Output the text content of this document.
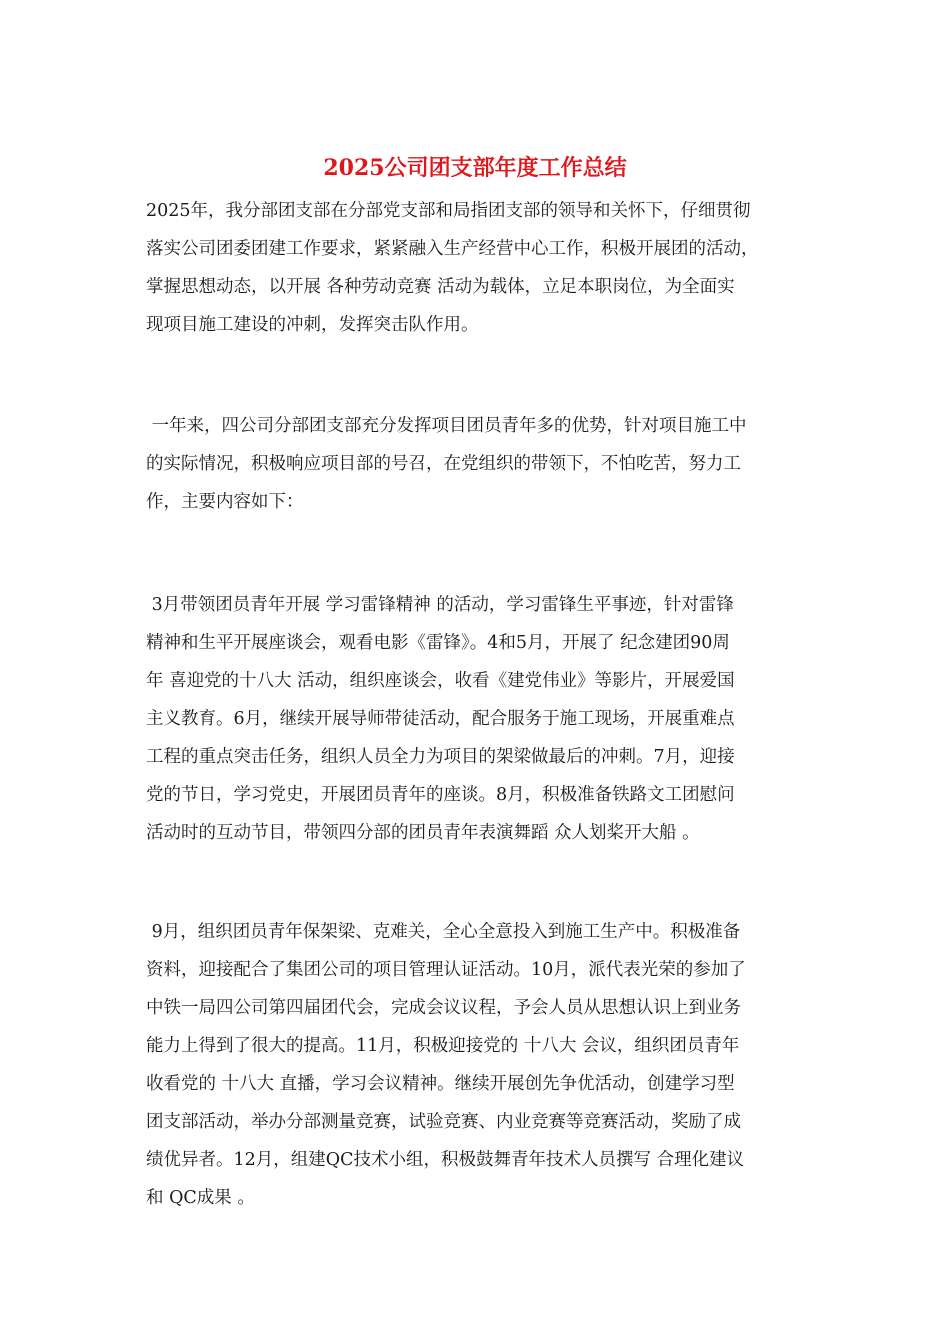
2025公司团支部年度工作总结

2025年，我分部团支部在分部党支部和局指团支部的领导和关怀下，仔细贯彻

落实公司团委团建工作要求，紧紧融入生产经营中心工作，积极开展团的活动，

掌握思想动态，以开展 各种劳动竞赛 活动为载体，立足本职岗位，为全面实

现项目施工建设的冲刺，发挥突击队作用。

一年来，四公司分部团支部充分发挥项目团员青年多的优势，针对项目施工中

的实际情况，积极响应项目部的号召，在党组织的带领下，不怕吃苦，努力工

作，主要内容如下：

3月带领团员青年开展 学习雷锋精神 的活动，学习雷锋生平事迹，针对雷锋

精神和生平开展座谈会，观看电影《雷锋》。4和5月，开展了 纪念建团90周

年 喜迎党的十八大 活动，组织座谈会，收看《建党伟业》等影片，开展爱国

主义教育。6月，继续开展导师带徒活动，配合服务于施工现场，开展重难点

工程的重点突击任务，组织人员全力为项目的架梁做最后的冲刺。7月，迎接

党的节日，学习党史，开展团员青年的座谈。8月，积极准备铁路文工团慰问

活动时的互动节目，带领四分部的团员青年表演舞蹈 众人划桨开大船 。

9月，组织团员青年保架梁、克难关，全心全意投入到施工生产中。积极准备

资料，迎接配合了集团公司的项目管理认证活动。10月，派代表光荣的参加了

中铁一局四公司第四届团代会，完成会议议程，予会人员从思想认识上到业务

能力上得到了很大的提高。11月，积极迎接党的 十八大 会议，组织团员青年

收看党的 十八大 直播，学习会议精神。继续开展创先争优活动，创建学习型

团支部活动，举办分部测量竞赛，试验竞赛、内业竞赛等竞赛活动，奖励了成

绩优异者。12月，组建QC技术小组，积极鼓舞青年技术人员撰写 合理化建议

和 QC成果 。
